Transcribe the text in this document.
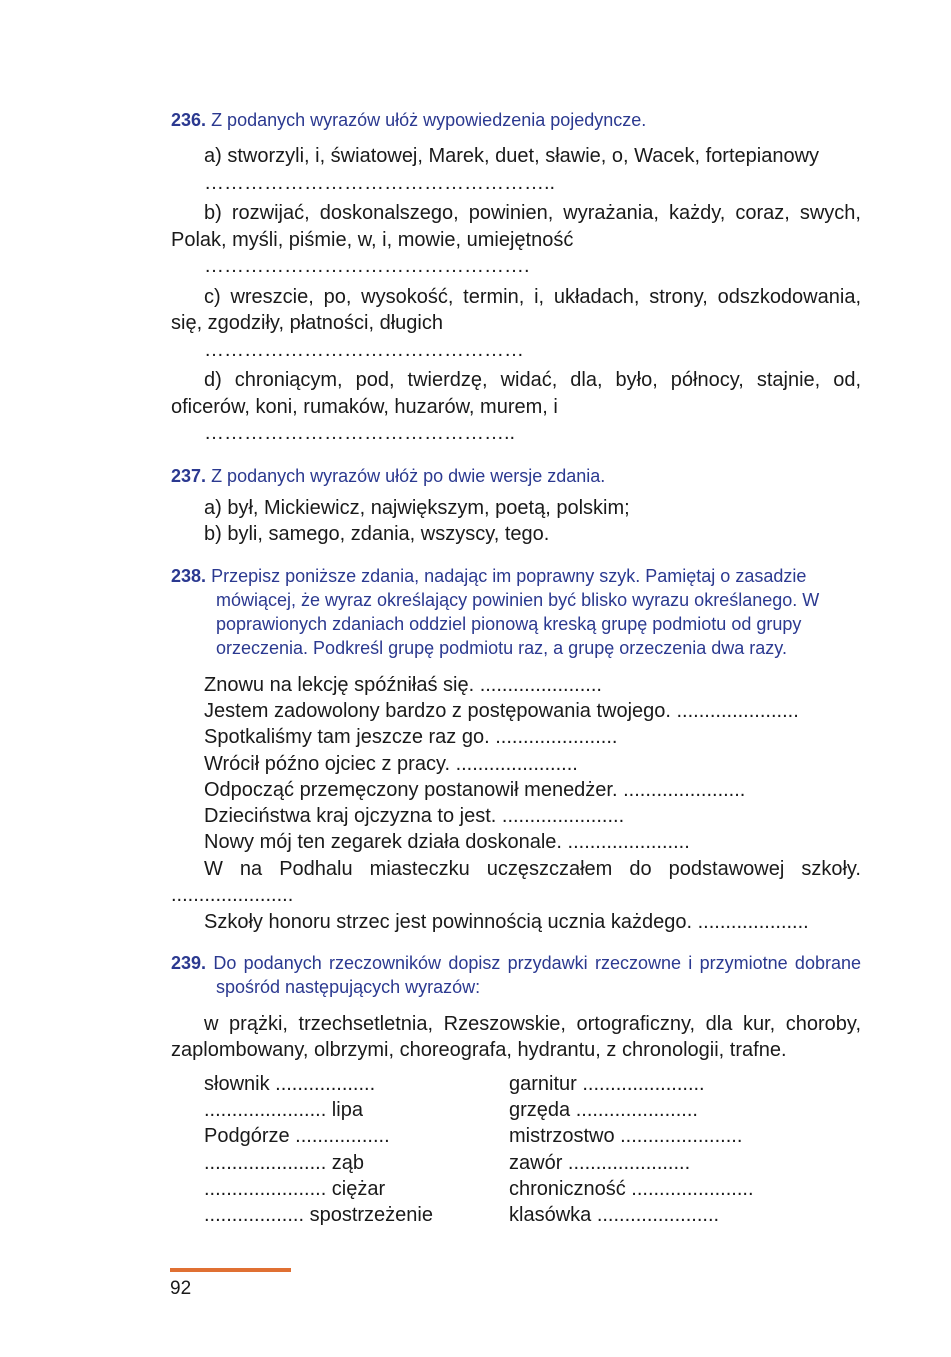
236. Z podanych wyrazów ułóż wypowiedzenia pojedyncze.

a) stworzyli, i, światowej, Marek, duet, sławie, o, Wacek, fortepianowy

……………………………………………..

b) rozwijać, doskonalszego, powinien, wyrażania, każdy, coraz, swych, Polak, myśli, piśmie, w, i, mowie, umiejętność

………………………………………….

c) wreszcie, po, wysokość, termin, i, układach, strony, odszkodowania, się, zgodziły, płatności, długich

…………………………………………

d) chroniącym, pod, twierdzę, widać, dla, było, północy, stajnie, od, oficerów, koni, rumaków, huzarów, murem, i

………………………………………..

237. Z podanych wyrazów ułóż po dwie wersje zdania.

a) był, Mickiewicz, największym, poetą, polskim;

b) byli, samego, zdania, wszyscy, tego.

238. Przepisz poniższe zdania, nadając im poprawny szyk. Pamiętaj o zasadzie mówiącej, że wyraz określający powinien być blisko wyrazu określanego. W poprawionych zdaniach oddziel pionową kreską grupę podmiotu od grupy orzeczenia. Podkreśl grupę podmiotu raz, a grupę orzeczenia dwa razy.

Znowu na lekcję spóźniłaś się. ......................

Jestem zadowolony bardzo z postępowania twojego. ......................

Spotkaliśmy tam jeszcze raz go. ......................

Wrócił późno ojciec z pracy. ......................

Odpocząć przemęczony postanowił menedżer. ......................

Dzieciństwa kraj ojczyzna to jest. ......................

Nowy mój ten zegarek działa doskonale. ......................

W na Podhalu miasteczku uczęszczałem do podstawowej szkoły. ......................

Szkoły honoru strzec jest powinnością ucznia każdego. ....................

239. Do podanych rzeczowników dopisz przydawki rzeczowne i przymiotne dobrane spośród następujących wyrazów:

w prążki, trzechsetletnia, Rzeszowskie, ortograficzny, dla kur, choroby, zaplombowany, olbrzymi, choreografa, hydrantu, z chronologii, trafne.

słownik ..................	garnitur ......................
...................... lipa	grzęda ......................
Podgórze .................	mistrzostwo ......................
...................... ząb	zawór ......................
...................... ciężar	chroniczność ......................
.................. spostrzeżenie	klasówka ......................
92
